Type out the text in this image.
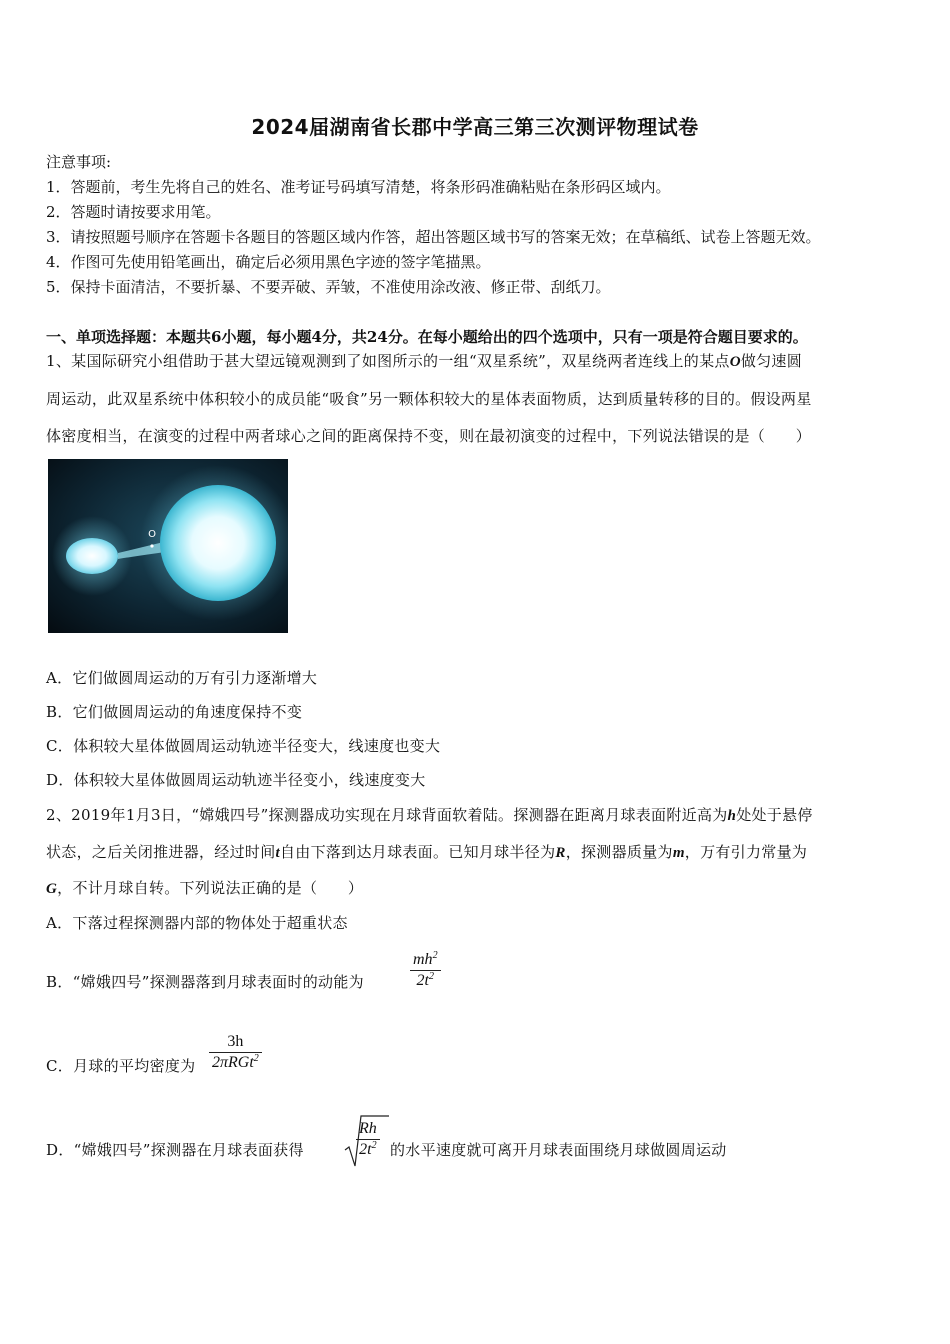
2024届湖南省长郡中学高三第三次测评物理试卷
注意事项:
1．答题前，考生先将自己的姓名、准考证号码填写清楚，将条形码准确粘贴在条形码区域内。
2．答题时请按要求用笔。
3．请按照题号顺序在答题卡各题目的答题区域内作答，超出答题区域书写的答案无效；在草稿纸、试卷上答题无效。
4．作图可先使用铅笔画出，确定后必须用黑色字迹的签字笔描黑。
5．保持卡面清洁，不要折暴、不要弄破、弄皱，不准使用涂改液、修正带、刮纸刀。
一、单项选择题：本题共6小题，每小题4分，共24分。在每小题给出的四个选项中，只有一项是符合题目要求的。
1、某国际研究小组借助于甚大望远镜观测到了如图所示的一组“双星系统”，双星绕两者连线上的某点O做匀速圆
周运动，此双星系统中体积较小的成员能“吸食”另一颗体积较大的星体表面物质，达到质量转移的目的。假设两星
体密度相当，在演变的过程中两者球心之间的距离保持不变，则在最初演变的过程中，下列说法错误的是（　　）
O
A．它们做圆周运动的万有引力逐渐增大
B．它们做圆周运动的角速度保持不变
C．体积较大星体做圆周运动轨迹半径变大，线速度也变大
D．体积较大星体做圆周运动轨迹半径变小，线速度变大
2、2019年1月3日，“嫦娥四号”探测器成功实现在月球背面软着陆。探测器在距离月球表面附近高为h处处于悬停
状态，之后关闭推进器，经过时间t自由下落到达月球表面。已知月球半径为R，探测器质量为m，万有引力常量为
G，不计月球自转。下列说法正确的是（　　）
A．下落过程探测器内部的物体处于超重状态
B．“嫦娥四号”探测器落到月球表面时的动能为
$mh^2$
$2t^2$
C．月球的平均密度为
3h
2πRGt$^2$
D．“嫦娥四号”探测器在月球表面获得
Rh
$2t^2$ 的水平速度就可离开月球表面围绕月球做圆周运动
